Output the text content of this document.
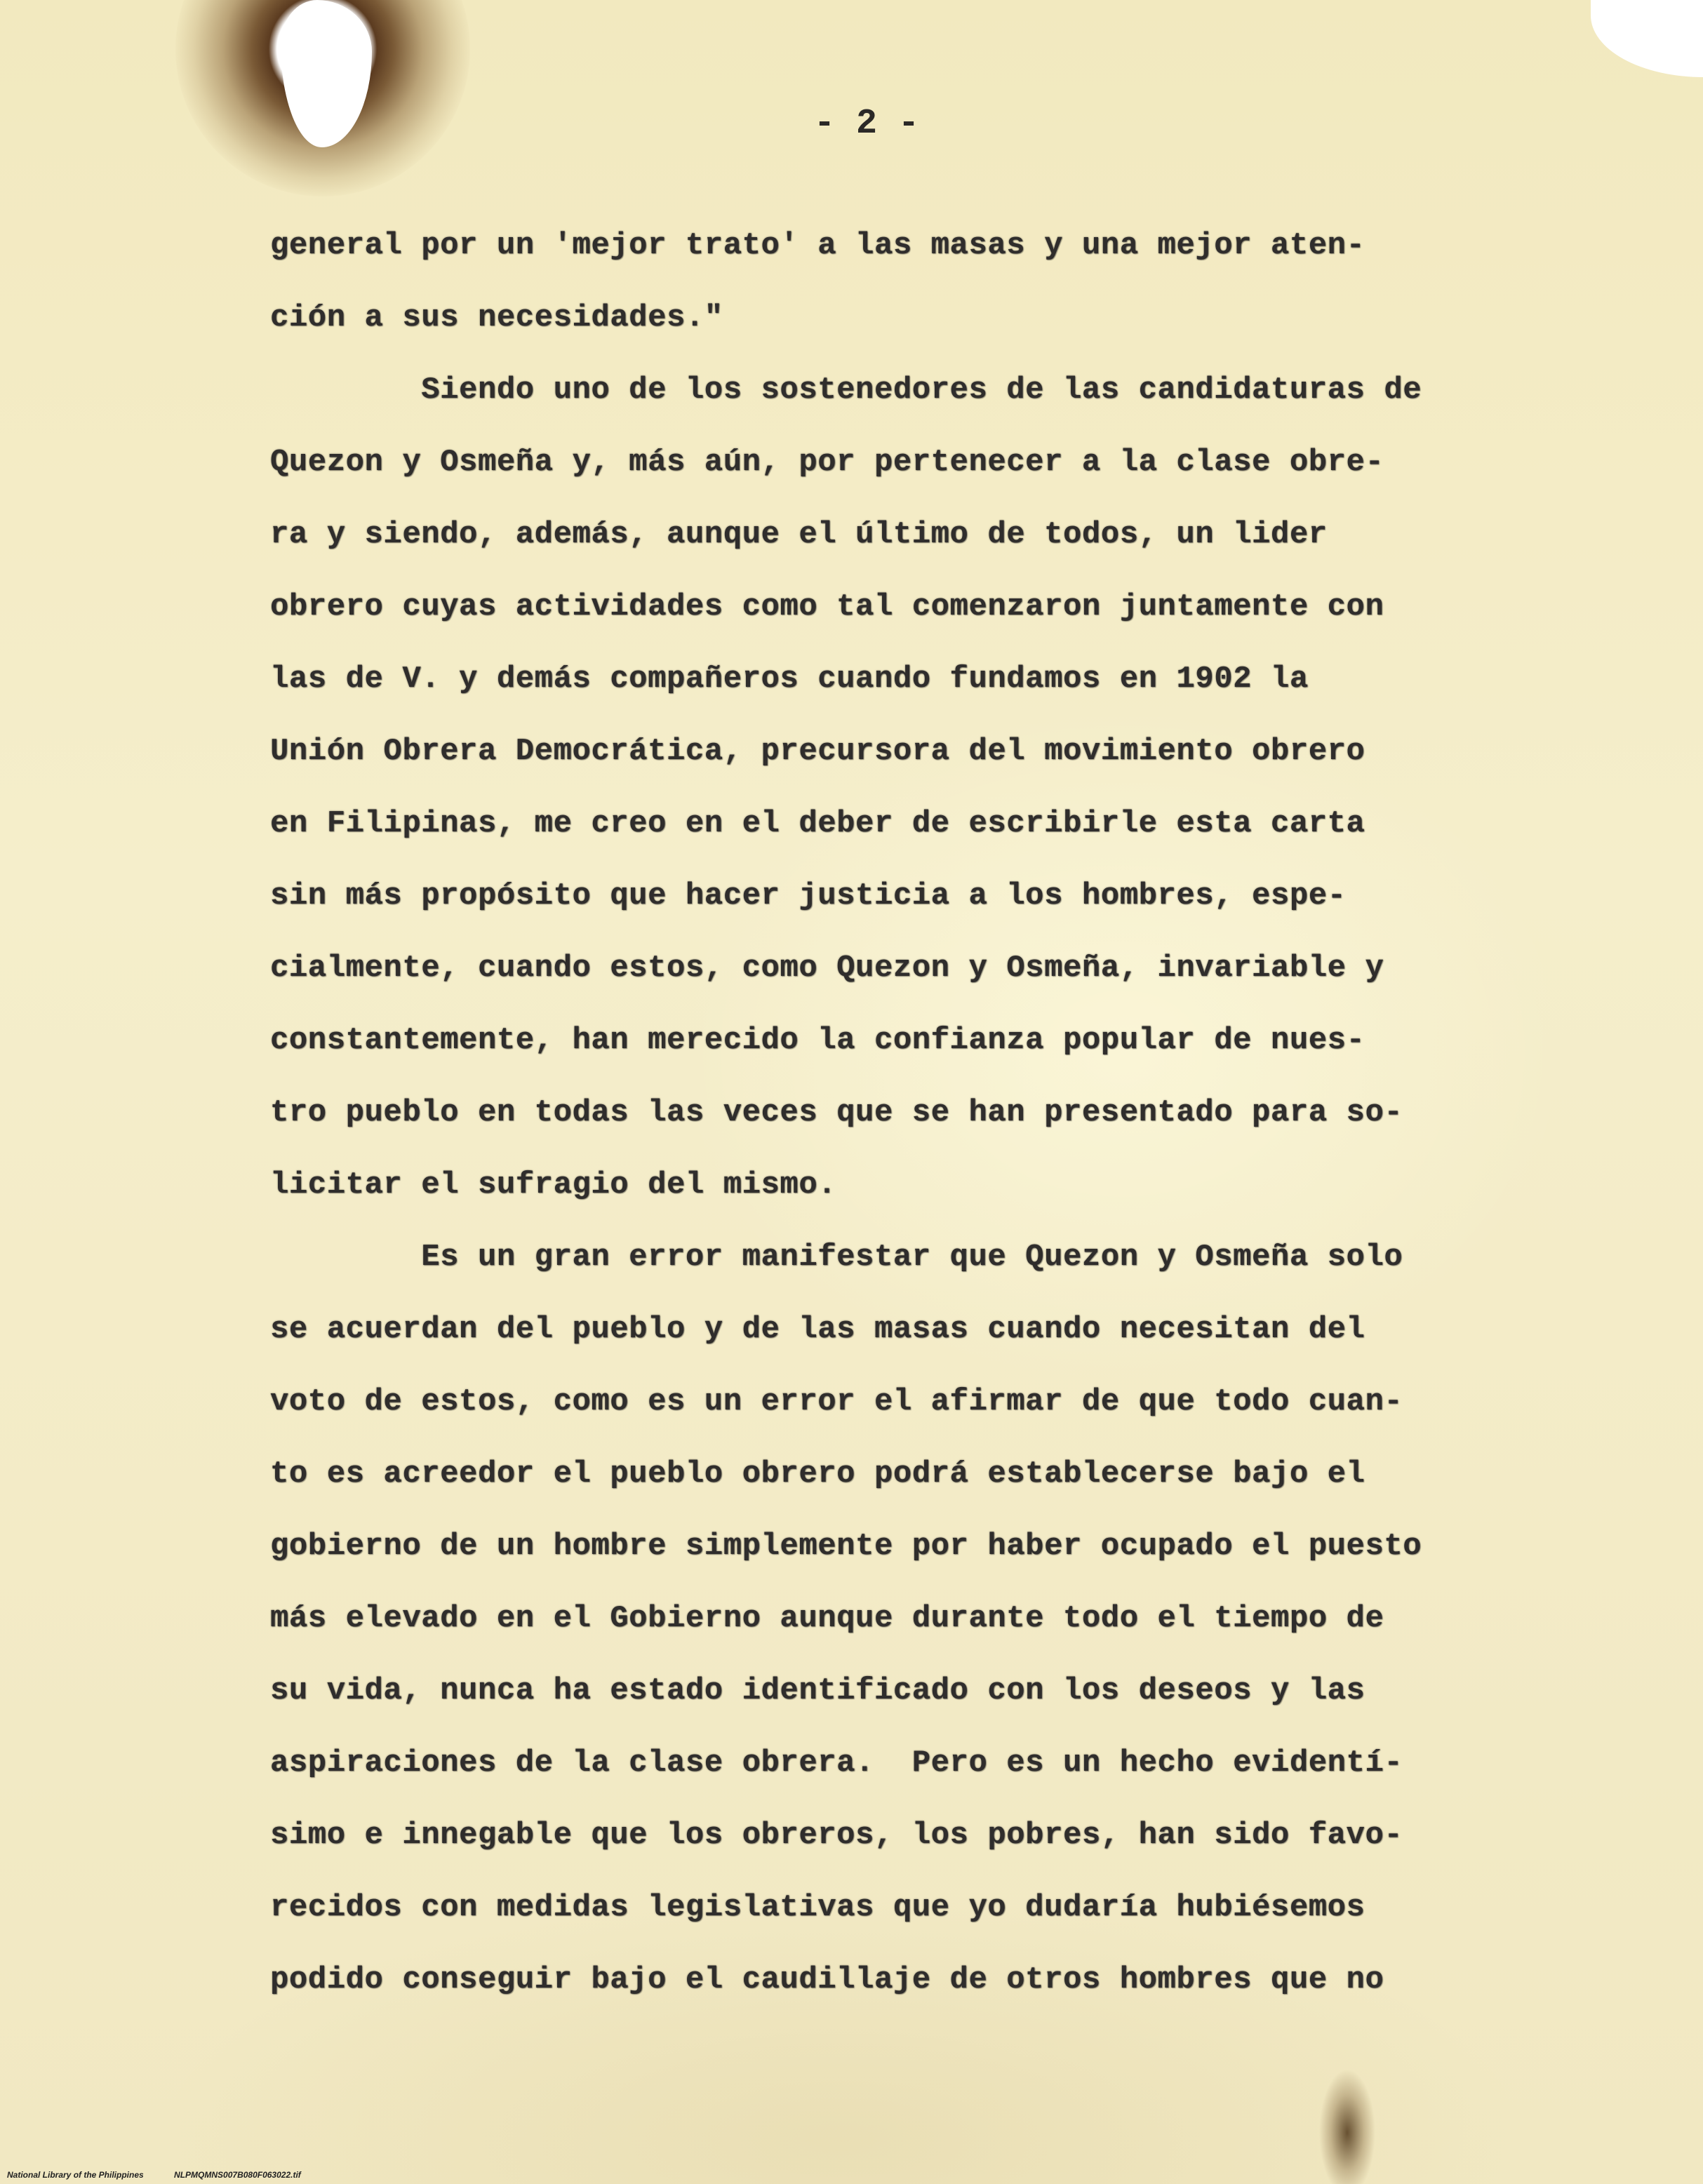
- 2 -
general por un 'mejor trato' a las masas y una mejor aten-
ción a sus necesidades."
Siendo uno de los sostenedores de las candidaturas de
Quezon y Osmeña y, más aún, por pertenecer a la clase obre-
ra y siendo, además, aunque el último de todos, un lider
obrero cuyas actividades como tal comenzaron juntamente con
las de V. y demás compañeros cuando fundamos en 1902 la
Unión Obrera Democrática, precursora del movimiento obrero
en Filipinas, me creo en el deber de escribirle esta carta
sin más propósito que hacer justicia a los hombres, espe-
cialmente, cuando estos, como Quezon y Osmeña, invariable y
constantemente, han merecido la confianza popular de nues-
tro pueblo en todas las veces que se han presentado para so-
licitar el sufragio del mismo.
Es un gran error manifestar que Quezon y Osmeña solo
se acuerdan del pueblo y de las masas cuando necesitan del
voto de estos, como es un error el afirmar de que todo cuan-
to es acreedor el pueblo obrero podrá establecerse bajo el
gobierno de un hombre simplemente por haber ocupado el puesto
más elevado en el Gobierno aunque durante todo el tiempo de
su vida, nunca ha estado identificado con los deseos y las
aspiraciones de la clase obrera.  Pero es un hecho evidentí-
simo e innegable que los obreros, los pobres, han sido favo-
recidos con medidas legislativas que yo dudaría hubiésemos
podido conseguir bajo el caudillaje de otros hombres que no
National Library of the Philippines	NLPMQMNS007B080F063022.tif
